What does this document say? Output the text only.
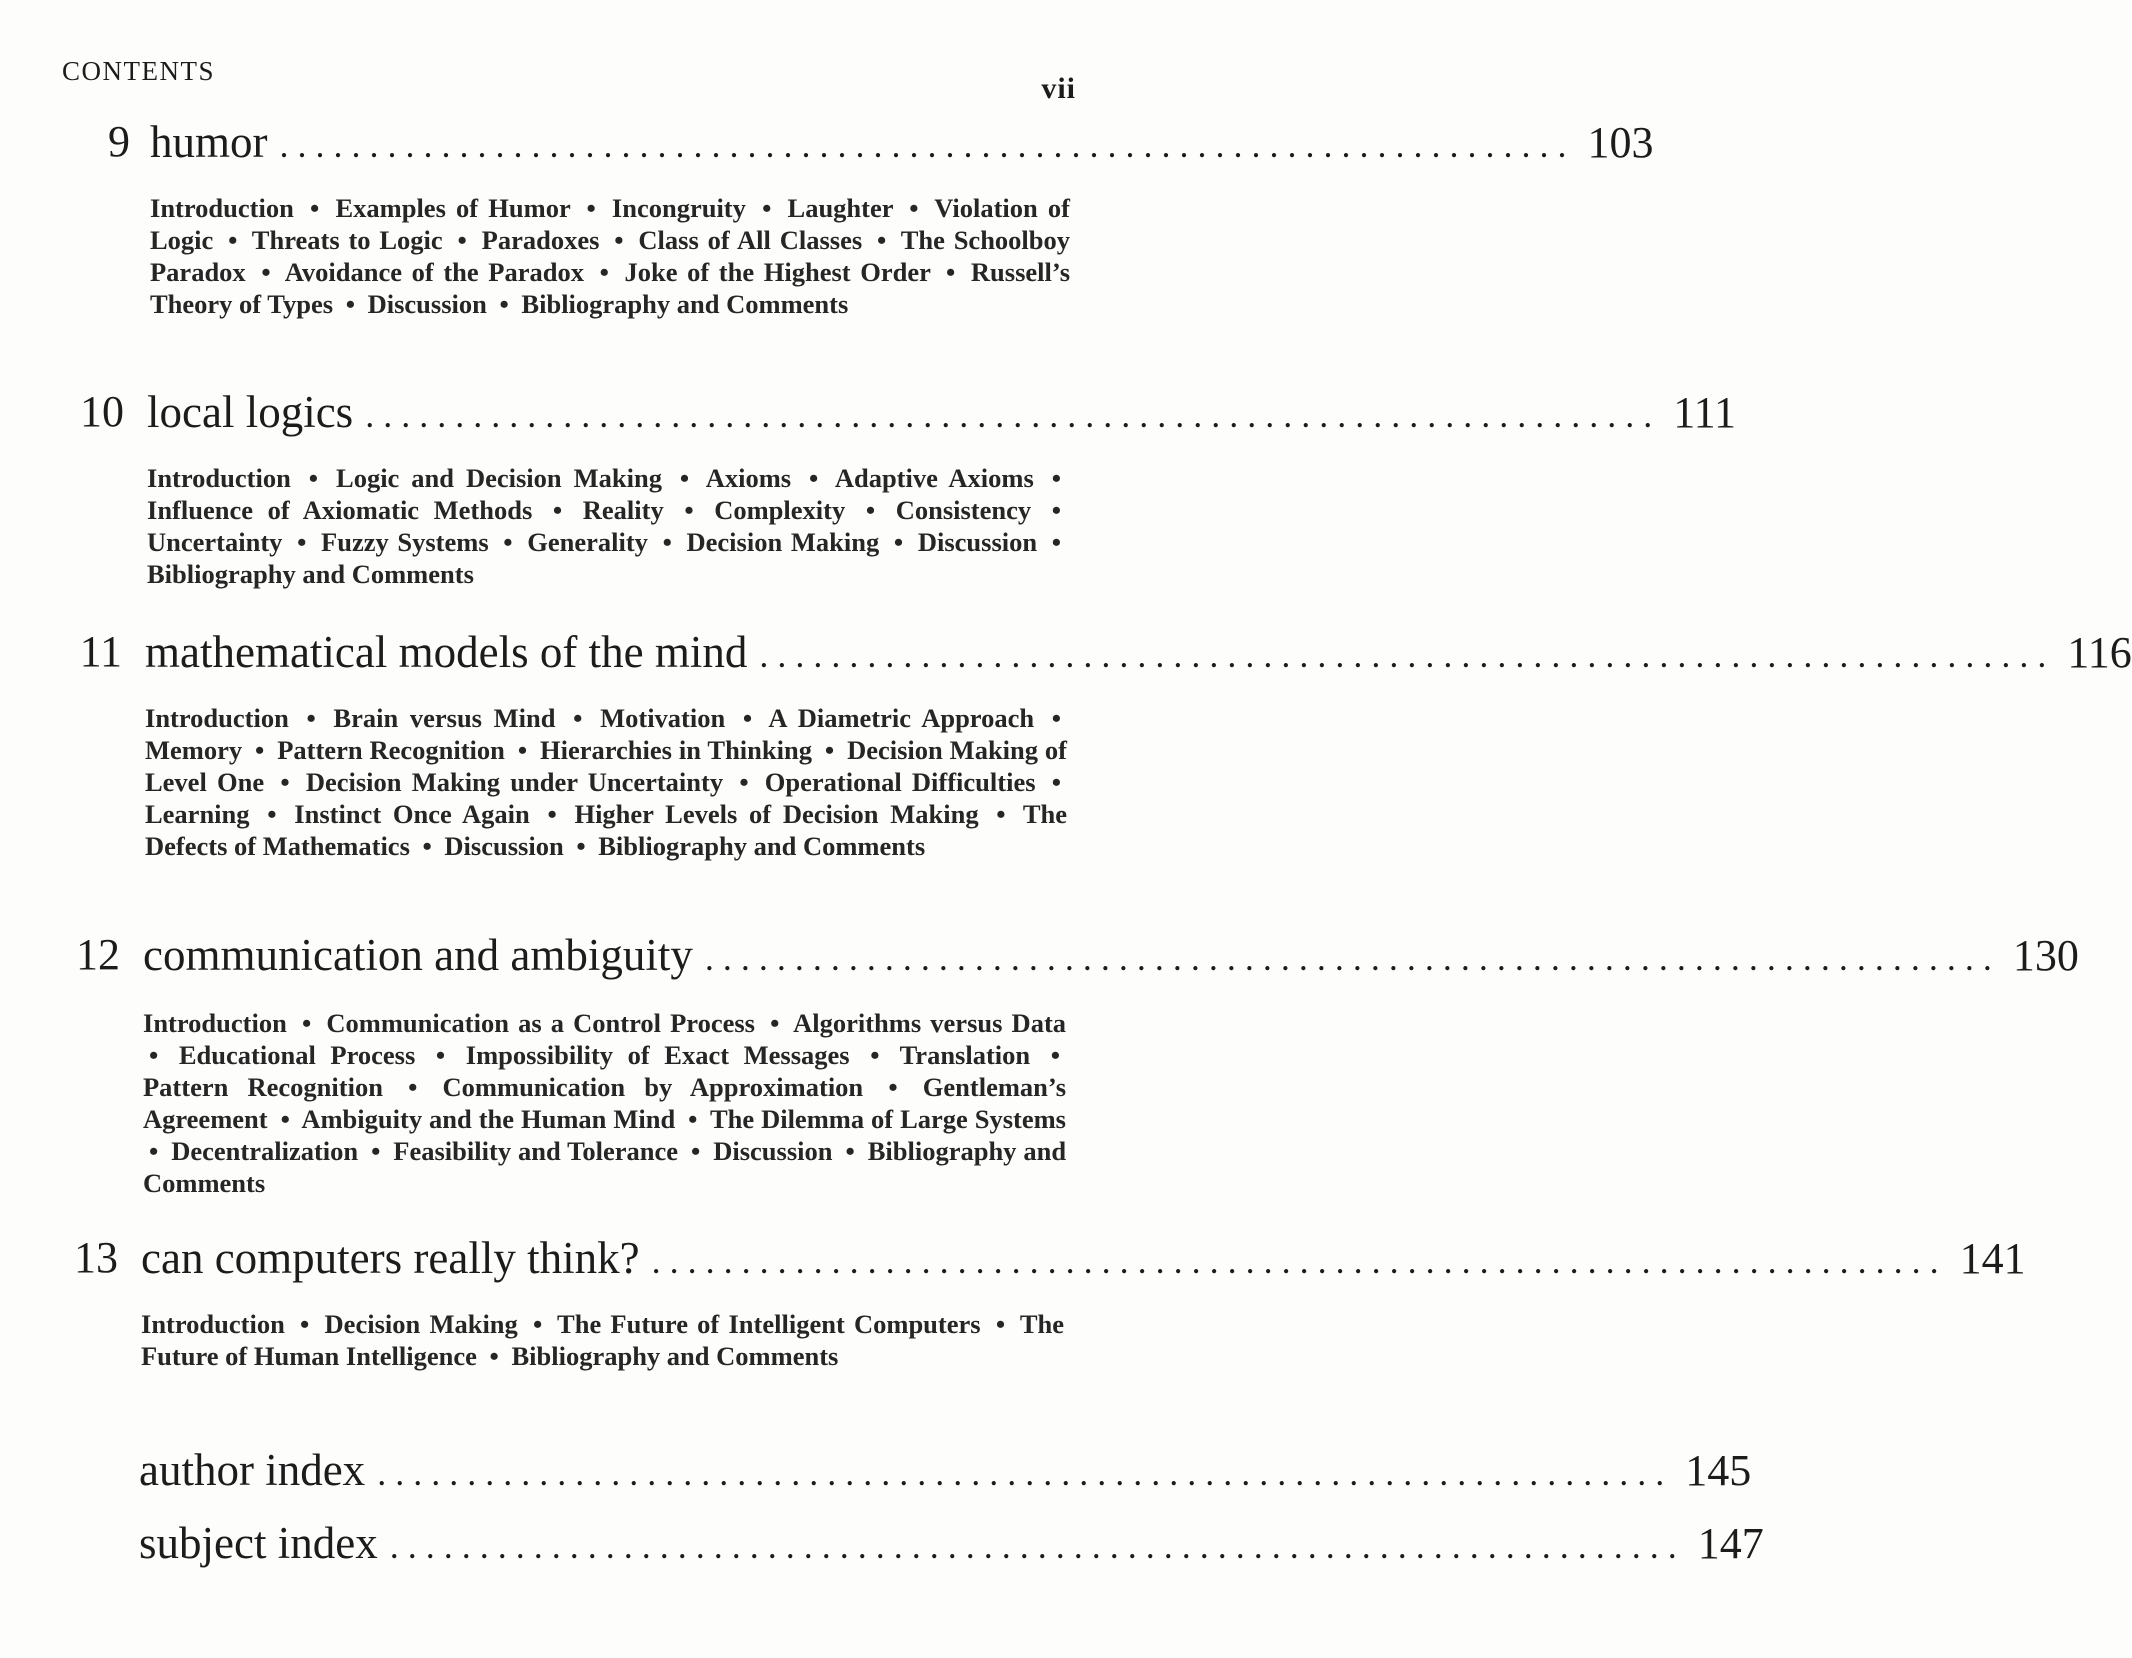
CONTENTS
vii
9 humor ........................................................................ 103
Introduction • Examples of Humor • Incongruity • Laughter • Violation of Logic • Threats to Logic • Paradoxes • Class of All Classes • The Schoolboy Paradox • Avoidance of the Paradox • Joke of the Highest Order • Russell’s Theory of Types • Discussion • Bibliography and Comments
10 local logics ........................................................................ 111
Introduction • Logic and Decision Making • Axioms • Adaptive Axioms • Influence of Axiomatic Methods • Reality • Complexity • Consistency • Uncertainty • Fuzzy Systems • Generality • Decision Making • Discussion • Bibliography and Comments
11 mathematical models of the mind ........................................................................ 116
Introduction • Brain versus Mind • Motivation • A Diametric Approach • Memory • Pattern Recognition • Hierarchies in Thinking • Decision Making of Level One • Decision Making under Uncertainty • Operational Difficulties • Learning • Instinct Once Again • Higher Levels of Decision Making • The Defects of Mathematics • Discussion • Bibliography and Comments
12 communication and ambiguity ........................................................................ 130
Introduction • Communication as a Control Process • Algorithms versus Data • Educational Process • Impossibility of Exact Messages • Translation • Pattern Recognition • Communication by Approximation • Gentleman’s Agreement • Ambiguity and the Human Mind • The Dilemma of Large Systems • Decentralization • Feasibility and Tolerance • Discussion • Bibliography and Comments
13 can computers really think? ........................................................................ 141
Introduction • Decision Making • The Future of Intelligent Computers • The Future of Human Intelligence • Bibliography and Comments
author index ........................................................................ 145
subject index ........................................................................ 147
